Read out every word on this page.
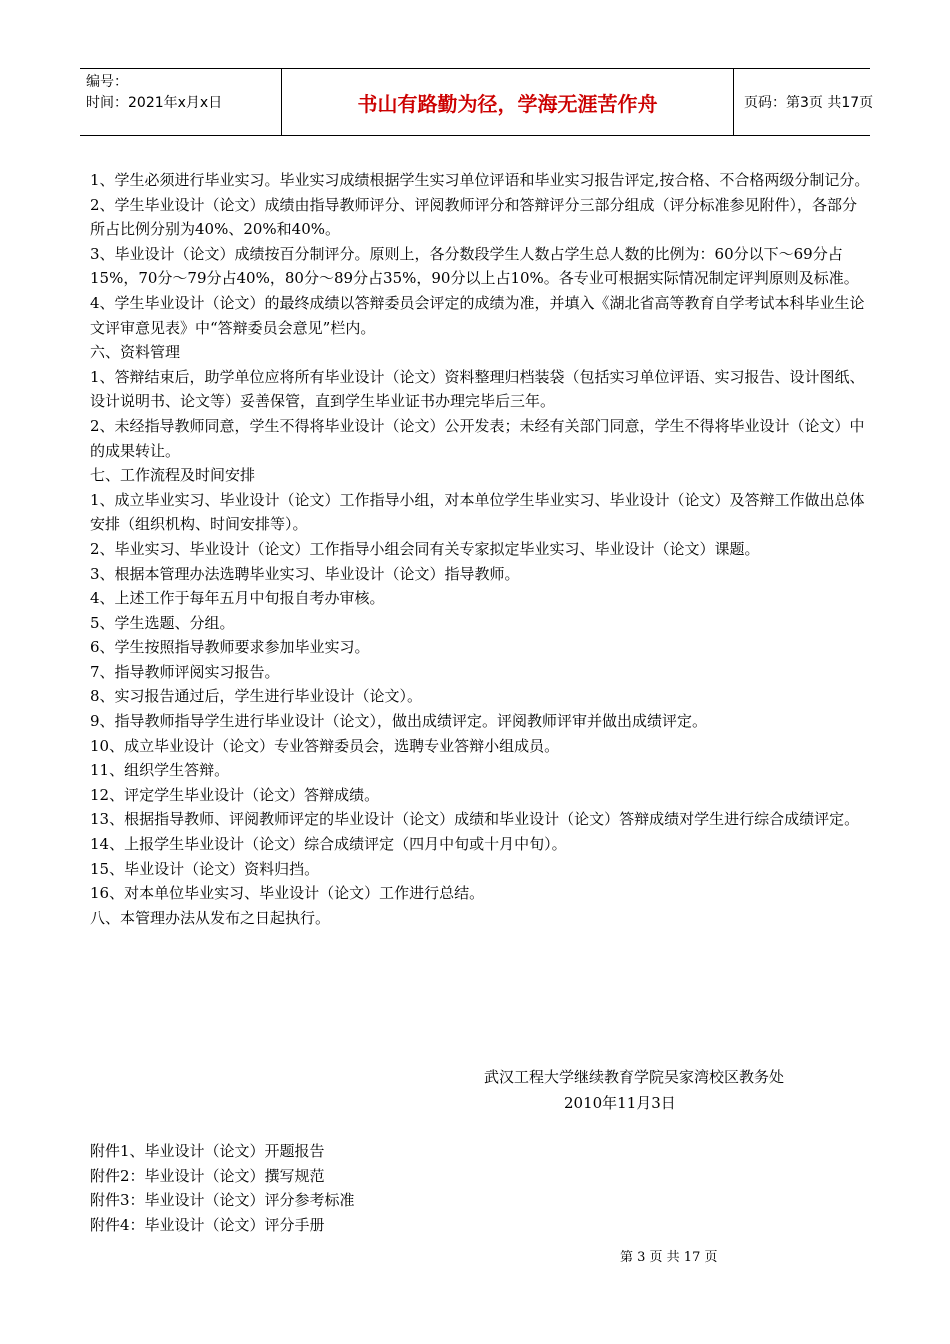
编号：
时间：2021年x月x日	书山有路勤为径，学海无涯苦作舟	页码：第3页 共17页

1、学生必须进行毕业实习。毕业实习成绩根据学生实习单位评语和毕业实习报告评定,按合格、不合格两级分制记分。

2、学生毕业设计（论文）成绩由指导教师评分、评阅教师评分和答辩评分三部分组成（评分标准参见附件），各部分所占比例分别为40%、20%和40%。

3、毕业设计（论文）成绩按百分制评分。原则上，各分数段学生人数占学生总人数的比例为：60分以下～69分占15%，70分～79分占40%，80分～89分占35%，90分以上占10%。各专业可根据实际情况制定评判原则及标准。

4、学生毕业设计（论文）的最终成绩以答辩委员会评定的成绩为准，并填入《湖北省高等教育自学考试本科毕业生论文评审意见表》中“答辩委员会意见”栏内。

六、资料管理

1、答辩结束后，助学单位应将所有毕业设计（论文）资料整理归档装袋（包括实习单位评语、实习报告、设计图纸、设计说明书、论文等）妥善保管，直到学生毕业证书办理完毕后三年。

2、未经指导教师同意，学生不得将毕业设计（论文）公开发表；未经有关部门同意，学生不得将毕业设计（论文）中的成果转让。

七、工作流程及时间安排

1、成立毕业实习、毕业设计（论文）工作指导小组，对本单位学生毕业实习、毕业设计（论文）及答辩工作做出总体安排（组织机构、时间安排等）。

2、毕业实习、毕业设计（论文）工作指导小组会同有关专家拟定毕业实习、毕业设计（论文）课题。

3、根据本管理办法选聘毕业实习、毕业设计（论文）指导教师。

4、上述工作于每年五月中旬报自考办审核。

5、学生选题、分组。

6、学生按照指导教师要求参加毕业实习。

7、指导教师评阅实习报告。

8、实习报告通过后，学生进行毕业设计（论文）。

9、指导教师指导学生进行毕业设计（论文），做出成绩评定。评阅教师评审并做出成绩评定。

10、成立毕业设计（论文）专业答辩委员会，选聘专业答辩小组成员。

11、组织学生答辩。

12、评定学生毕业设计（论文）答辩成绩。

13、根据指导教师、评阅教师评定的毕业设计（论文）成绩和毕业设计（论文）答辩成绩对学生进行综合成绩评定。

14、上报学生毕业设计（论文）综合成绩评定（四月中旬或十月中旬）。

15、毕业设计（论文）资料归挡。

16、对本单位毕业实习、毕业设计（论文）工作进行总结。

八、本管理办法从发布之日起执行。

武汉工程大学继续教育学院吴家湾校区教务处
2010年11月3日
附件1、毕业设计（论文）开题报告
附件2：毕业设计（论文）撰写规范
附件3：毕业设计（论文）评分参考标准
附件4：毕业设计（论文）评分手册
第 3 页 共 17 页
